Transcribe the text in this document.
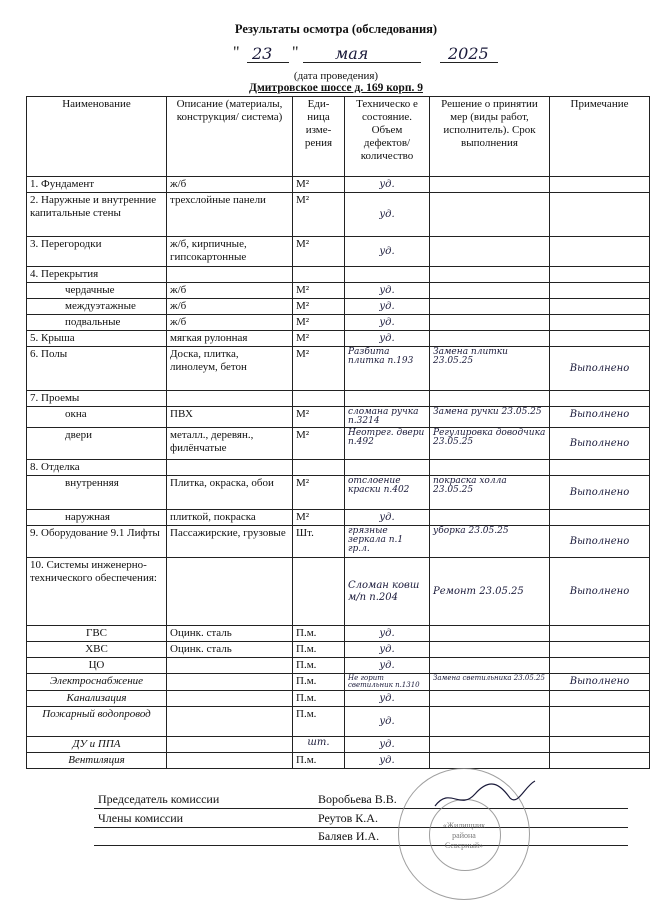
Результаты осмотра (обследования)
" 23 " мая	2025
(дата проведения)
Дмитровское шоссе д. 169 корп. 9
Наименование	Описание (материалы, конструкция/ система)	Еди- ница изме- рения	Техническо е состояние. Объем дефектов/ количество	Решение о принятии мер (виды работ, исполнитель). Срок выполнения	Примечание
1. Фундамент	ж/б	М²	уд.		
2. Наружные и внутренние капитальные стены	трехслойные панели	М²	уд.		
3. Перегородки	ж/б, кирпичные, гипсокартонные	М²	уд.		
4. Перекрытия					
чердачные	ж/б	М²	уд.		
междуэтажные	ж/б	М²	уд.		
подвальные	ж/б	М²	уд.		
5. Крыша	мягкая рулонная	М²	уд.		
6. Полы	Доска, плитка, линолеум, бетон	М²	Разбита плитка п.193	Замена плитки 23.05.25	Выполнено
7. Проемы					
окна	ПВХ	М²	сломана ручка п.3214	Замена ручки 23.05.25	Выполнено
двери	металл., деревян., филёнчатые	М²	Неотрег. двери п.492	Регулировка доводчика 23.05.25	Выполнено
8. Отделка					
внутренняя	Плитка, окраска, обои	М²	отслоение краски п.402	покраска холла 23.05.25	Выполнено
наружная	плиткой, покраска	М²	уд.		
9. Оборудование 9.1 Лифты	Пассажирские, грузовые	Шт.	грязные зеркала п.1 гр.л.	уборка 23.05.25	Выполнено
10. Системы инженерно-технического обеспечения:			Сломан ковш м/п п.204	Ремонт 23.05.25	Выполнено
ГВС	Оцинк. сталь	П.м.	уд.		
ХВС	Оцинк. сталь	П.м.	уд.		
ЦО		П.м.	уд.		
Электроснабжение		П.м.	Не горит светильник п.1310	Замена светильника 23.05.25	Выполнено
Канализация		П.м.	уд.		
Пожарный водопровод		П.м.	уд.		
ДУ и ППА		шт.	уд.		
Вентиляция		П.м.	уд.		
Председатель комиссии	Воробьева В.В.
Члены комиссии	Реутов К.А.
Баляев И.А.
«Жилищник
района
Северный»
